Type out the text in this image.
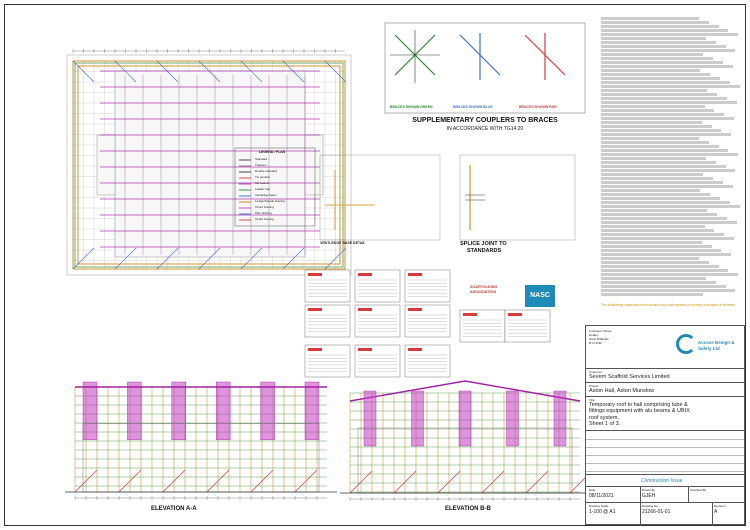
The scaffolding supervisor must ensure that a safe system of working is adopted at all times
SUPPLEMENTARY COUPLERS TO BRACES
IN ACCORDANCE WITH TG14:20
BRACES SHOWN GREEN	BRACES SHOWN BLUE	BRACES SHOWN RED
VENTLEDGE BASE DETAIL	SPLICE JOINT TO
STANDARDS
LEGEND: PLAN
Standard
Transom
Double standard
Tie position
Alu beams
Ladder bay
Ventledge beam
Ledger/facade bracing
Chord bracing
Plan bracing
Chord bracing
ELEVATION A-A	ELEVATION B-B
SCAFFOLDING ASSOCIATION	NASC
1 Pearson Street
Dudley
West Midlands
DY3 2NR	Access Design & Safety Ltd
Customer
Severn Scaffold Services Limited
Project
Aston Hall, Aston Munslow
Title
Temporary roof to hall comprising tube &
fittings equipment with alu beams & UBIX
roof system.
Sheet 1 of 3.
Construction Issue
Date
08/11/2021
Drawn By
GJEH
Checked By
Drawing Scale
1-100 @ A1
Drawing No.
21266-01-01
Revision
A
